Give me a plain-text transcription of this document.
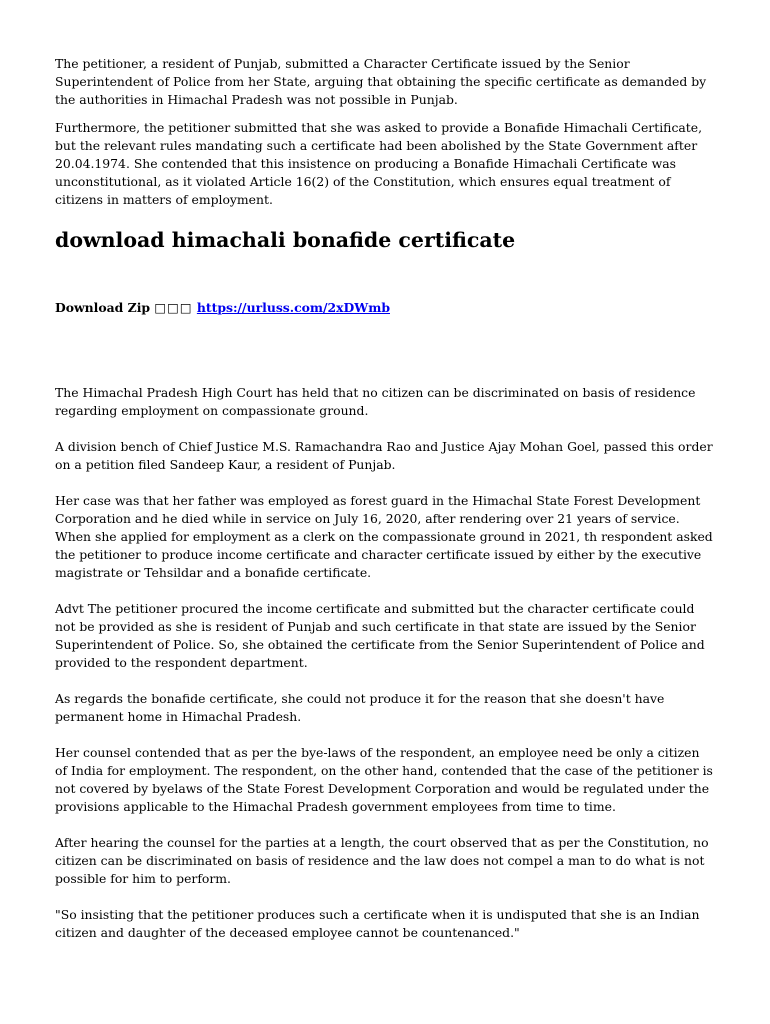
The petitioner, a resident of Punjab, submitted a Character Certificate issued by the Senior Superintendent of Police from her State, arguing that obtaining the specific certificate as demanded by the authorities in Himachal Pradesh was not possible in Punjab.

Furthermore, the petitioner submitted that she was asked to provide a Bonafide Himachali Certificate, but the relevant rules mandating such a certificate had been abolished by the State Government after 20.04.1974. She contended that this insistence on producing a Bonafide Himachali Certificate was unconstitutional, as it violated Article 16(2) of the Constitution, which ensures equal treatment of citizens in matters of employment.

download himachali bonafide certificate
Download Zip □□□ https://urluss.com/2xDWmb

The Himachal Pradesh High Court has held that no citizen can be discriminated on basis of residence regarding employment on compassionate ground.

A division bench of Chief Justice M.S. Ramachandra Rao and Justice Ajay Mohan Goel, passed this order on a petition filed Sandeep Kaur, a resident of Punjab.

Her case was that her father was employed as forest guard in the Himachal State Forest Development Corporation and he died while in service on July 16, 2020, after rendering over 21 years of service. When she applied for employment as a clerk on the compassionate ground in 2021, th respondent asked the petitioner to produce income certificate and character certificate issued by either by the executive magistrate or Tehsildar and a bonafide certificate.

Advt The petitioner procured the income certificate and submitted but the character certificate could not be provided as she is resident of Punjab and such certificate in that state are issued by the Senior Superintendent of Police. So, she obtained the certificate from the Senior Superintendent of Police and provided to the respondent department.

As regards the bonafide certificate, she could not produce it for the reason that she doesn't have permanent home in Himachal Pradesh.

Her counsel contended that as per the bye-laws of the respondent, an employee need be only a citizen of India for employment. The respondent, on the other hand, contended that the case of the petitioner is not covered by byelaws of the State Forest Development Corporation and would be regulated under the provisions applicable to the Himachal Pradesh government employees from time to time.

After hearing the counsel for the parties at a length, the court observed that as per the Constitution, no citizen can be discriminated on basis of residence and the law does not compel a man to do what is not possible for him to perform.

"So insisting that the petitioner produces such a certificate when it is undisputed that she is an Indian citizen and daughter of the deceased employee cannot be countenanced."
